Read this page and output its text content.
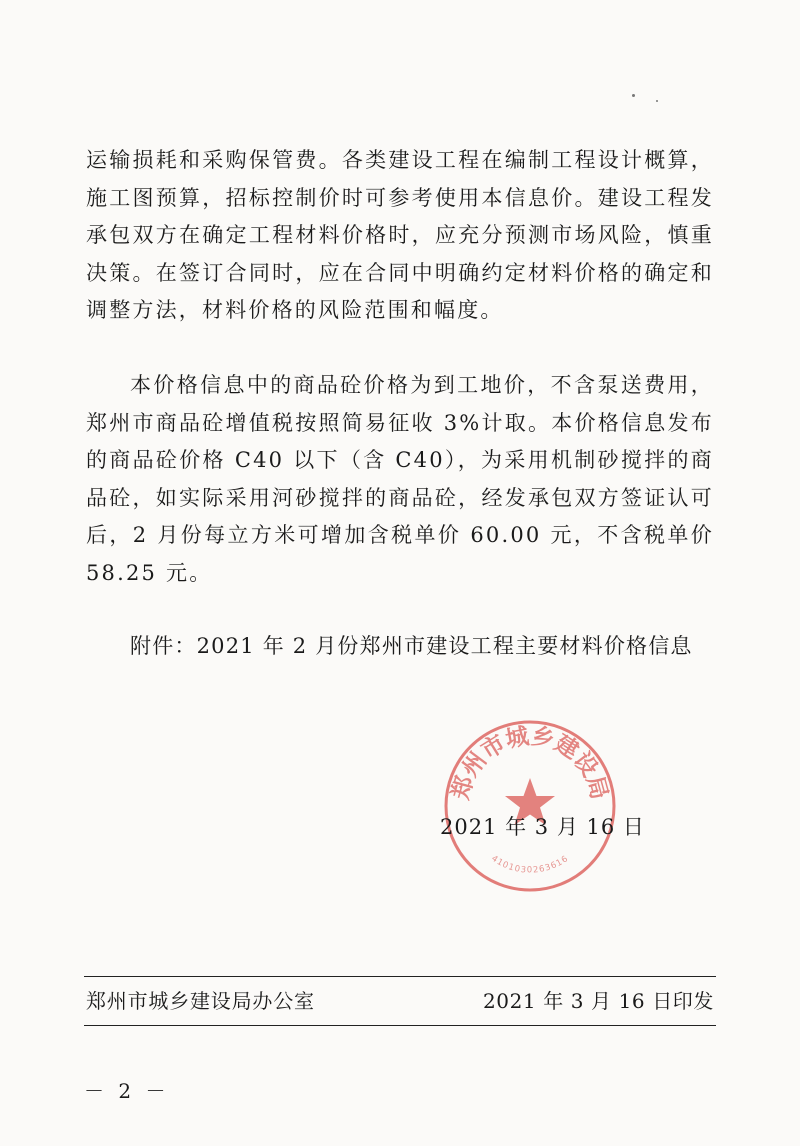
运输损耗和采购保管费。各类建设工程在编制工程设计概算，施工图预算，招标控制价时可参考使用本信息价。建设工程发承包双方在确定工程材料价格时，应充分预测市场风险，慎重决策。在签订合同时，应在合同中明确约定材料价格的确定和调整方法，材料价格的风险范围和幅度。

本价格信息中的商品砼价格为到工地价，不含泵送费用，郑州市商品砼增值税按照简易征收 3%计取。本价格信息发布的商品砼价格 C40 以下（含 C40），为采用机制砂搅拌的商品砼，如实际采用河砂搅拌的商品砼，经发承包双方签证认可后，2 月份每立方米可增加含税单价 60.00 元，不含税单价 58.25 元。

附件：2021 年 2 月份郑州市建设工程主要材料价格信息
郑州市城乡建设局
4101030263616
2021 年 3 月 16 日
郑州市城乡建设局办公室	2021 年 3 月 16 日印发
－ 2 －
